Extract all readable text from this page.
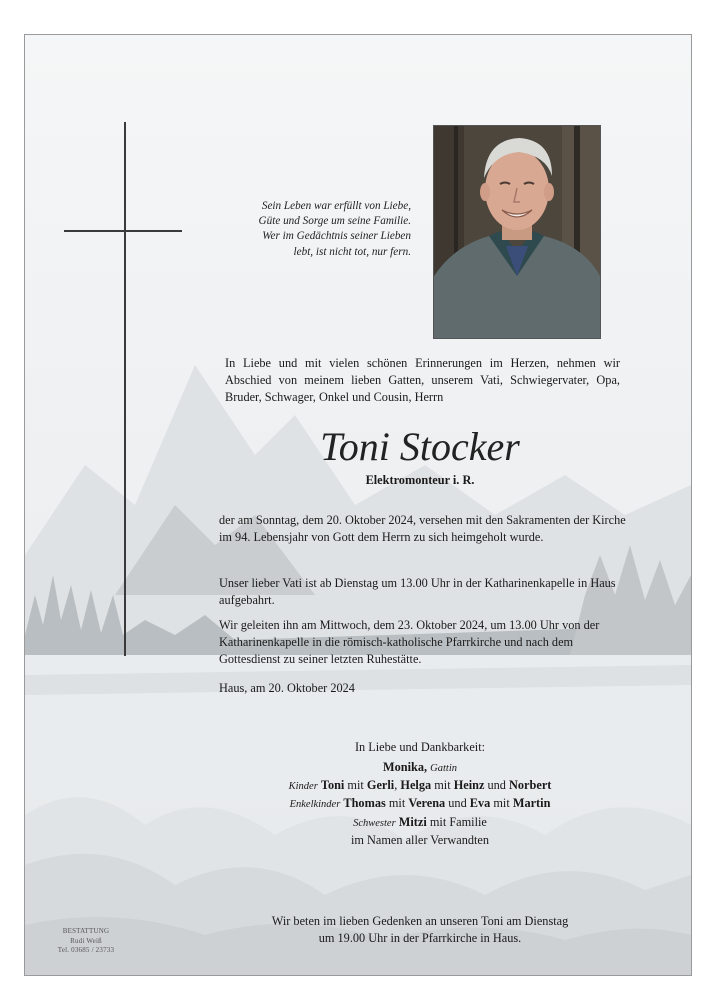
Sein Leben war erfüllt von Liebe,
Güte und Sorge um seine Familie.
Wer im Gedächtnis seiner Lieben
lebt, ist nicht tot, nur fern.
In Liebe und mit vielen schönen Erinnerungen im Herzen, nehmen wir Abschied von meinem lieben Gatten, unserem Vati, Schwiegervater, Opa, Bruder, Schwager, Onkel und Cousin, Herrn
Toni Stocker
Elektromonteur i. R.
der am Sonntag, dem 20. Oktober 2024, versehen mit den Sakramenten der Kirche im 94. Lebensjahr von Gott dem Herrn zu sich heimgeholt wurde.
Unser lieber Vati ist ab Dienstag um 13.00 Uhr in der Katharinenkapelle in Haus aufgebahrt.
Wir geleiten ihn am Mittwoch, dem 23. Oktober 2024, um 13.00 Uhr von der Katharinenkapelle in die römisch-katholische Pfarrkirche und nach dem Gottesdienst zu seiner letzten Ruhestätte.
Haus, am 20. Oktober 2024
In Liebe und Dankbarkeit:
Monika, Gattin
Kinder Toni mit Gerli, Helga mit Heinz und Norbert
Enkelkinder Thomas mit Verena und Eva mit Martin
Schwester Mitzi mit Familie
im Namen aller Verwandten
Wir beten im lieben Gedenken an unseren Toni am Dienstag
um 19.00 Uhr in der Pfarrkirche in Haus.
BESTATTUNG
Rudi Weiß
Tel. 03685 / 23733
